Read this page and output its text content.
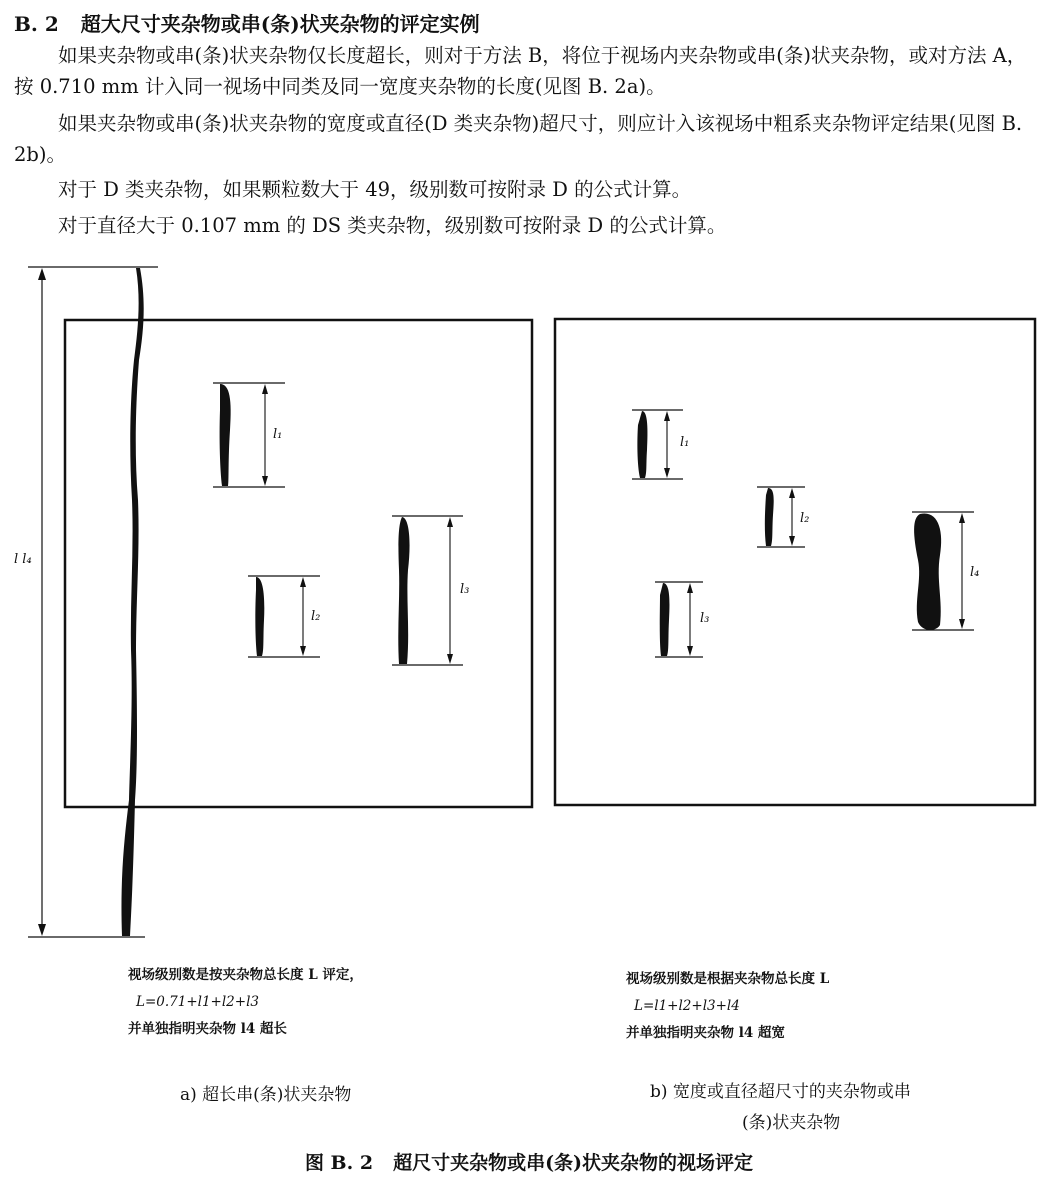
B. 2 超大尺寸夹杂物或串(条)状夹杂物的评定实例
如果夹杂物或串(条)状夹杂物仅长度超长，则对于方法 B，将位于视场内夹杂物或串(条)状夹杂物，或对方法 A，按 0.710 mm 计入同一视场中同类及同一宽度夹杂物的长度(见图 B. 2a)。
如果夹杂物或串(条)状夹杂物的宽度或直径(D 类夹杂物)超尺寸，则应计入该视场中粗系夹杂物评定结果(见图 B. 2b)。
对于 D 类夹杂物，如果颗粒数大于 49，级别数可按附录 D 的公式计算。
对于直径大于 0.107 mm 的 DS 类夹杂物，级别数可按附录 D 的公式计算。
l l₄
l₁
l₂
l₃
l₁
l₂
l₃
l₄
视场级别数是按夹杂物总长度 L 评定，
L=0.71+l1+l2+l3
并单独指明夹杂物 l4 超长
视场级别数是根据夹杂物总长度 L
L=l1+l2+l3+l4
并单独指明夹杂物 l4 超宽
a) 超长串(条)状夹杂物	b) 宽度或直径超尺寸的夹杂物或串
(条)状夹杂物
图 B. 2 超尺寸夹杂物或串(条)状夹杂物的视场评定
